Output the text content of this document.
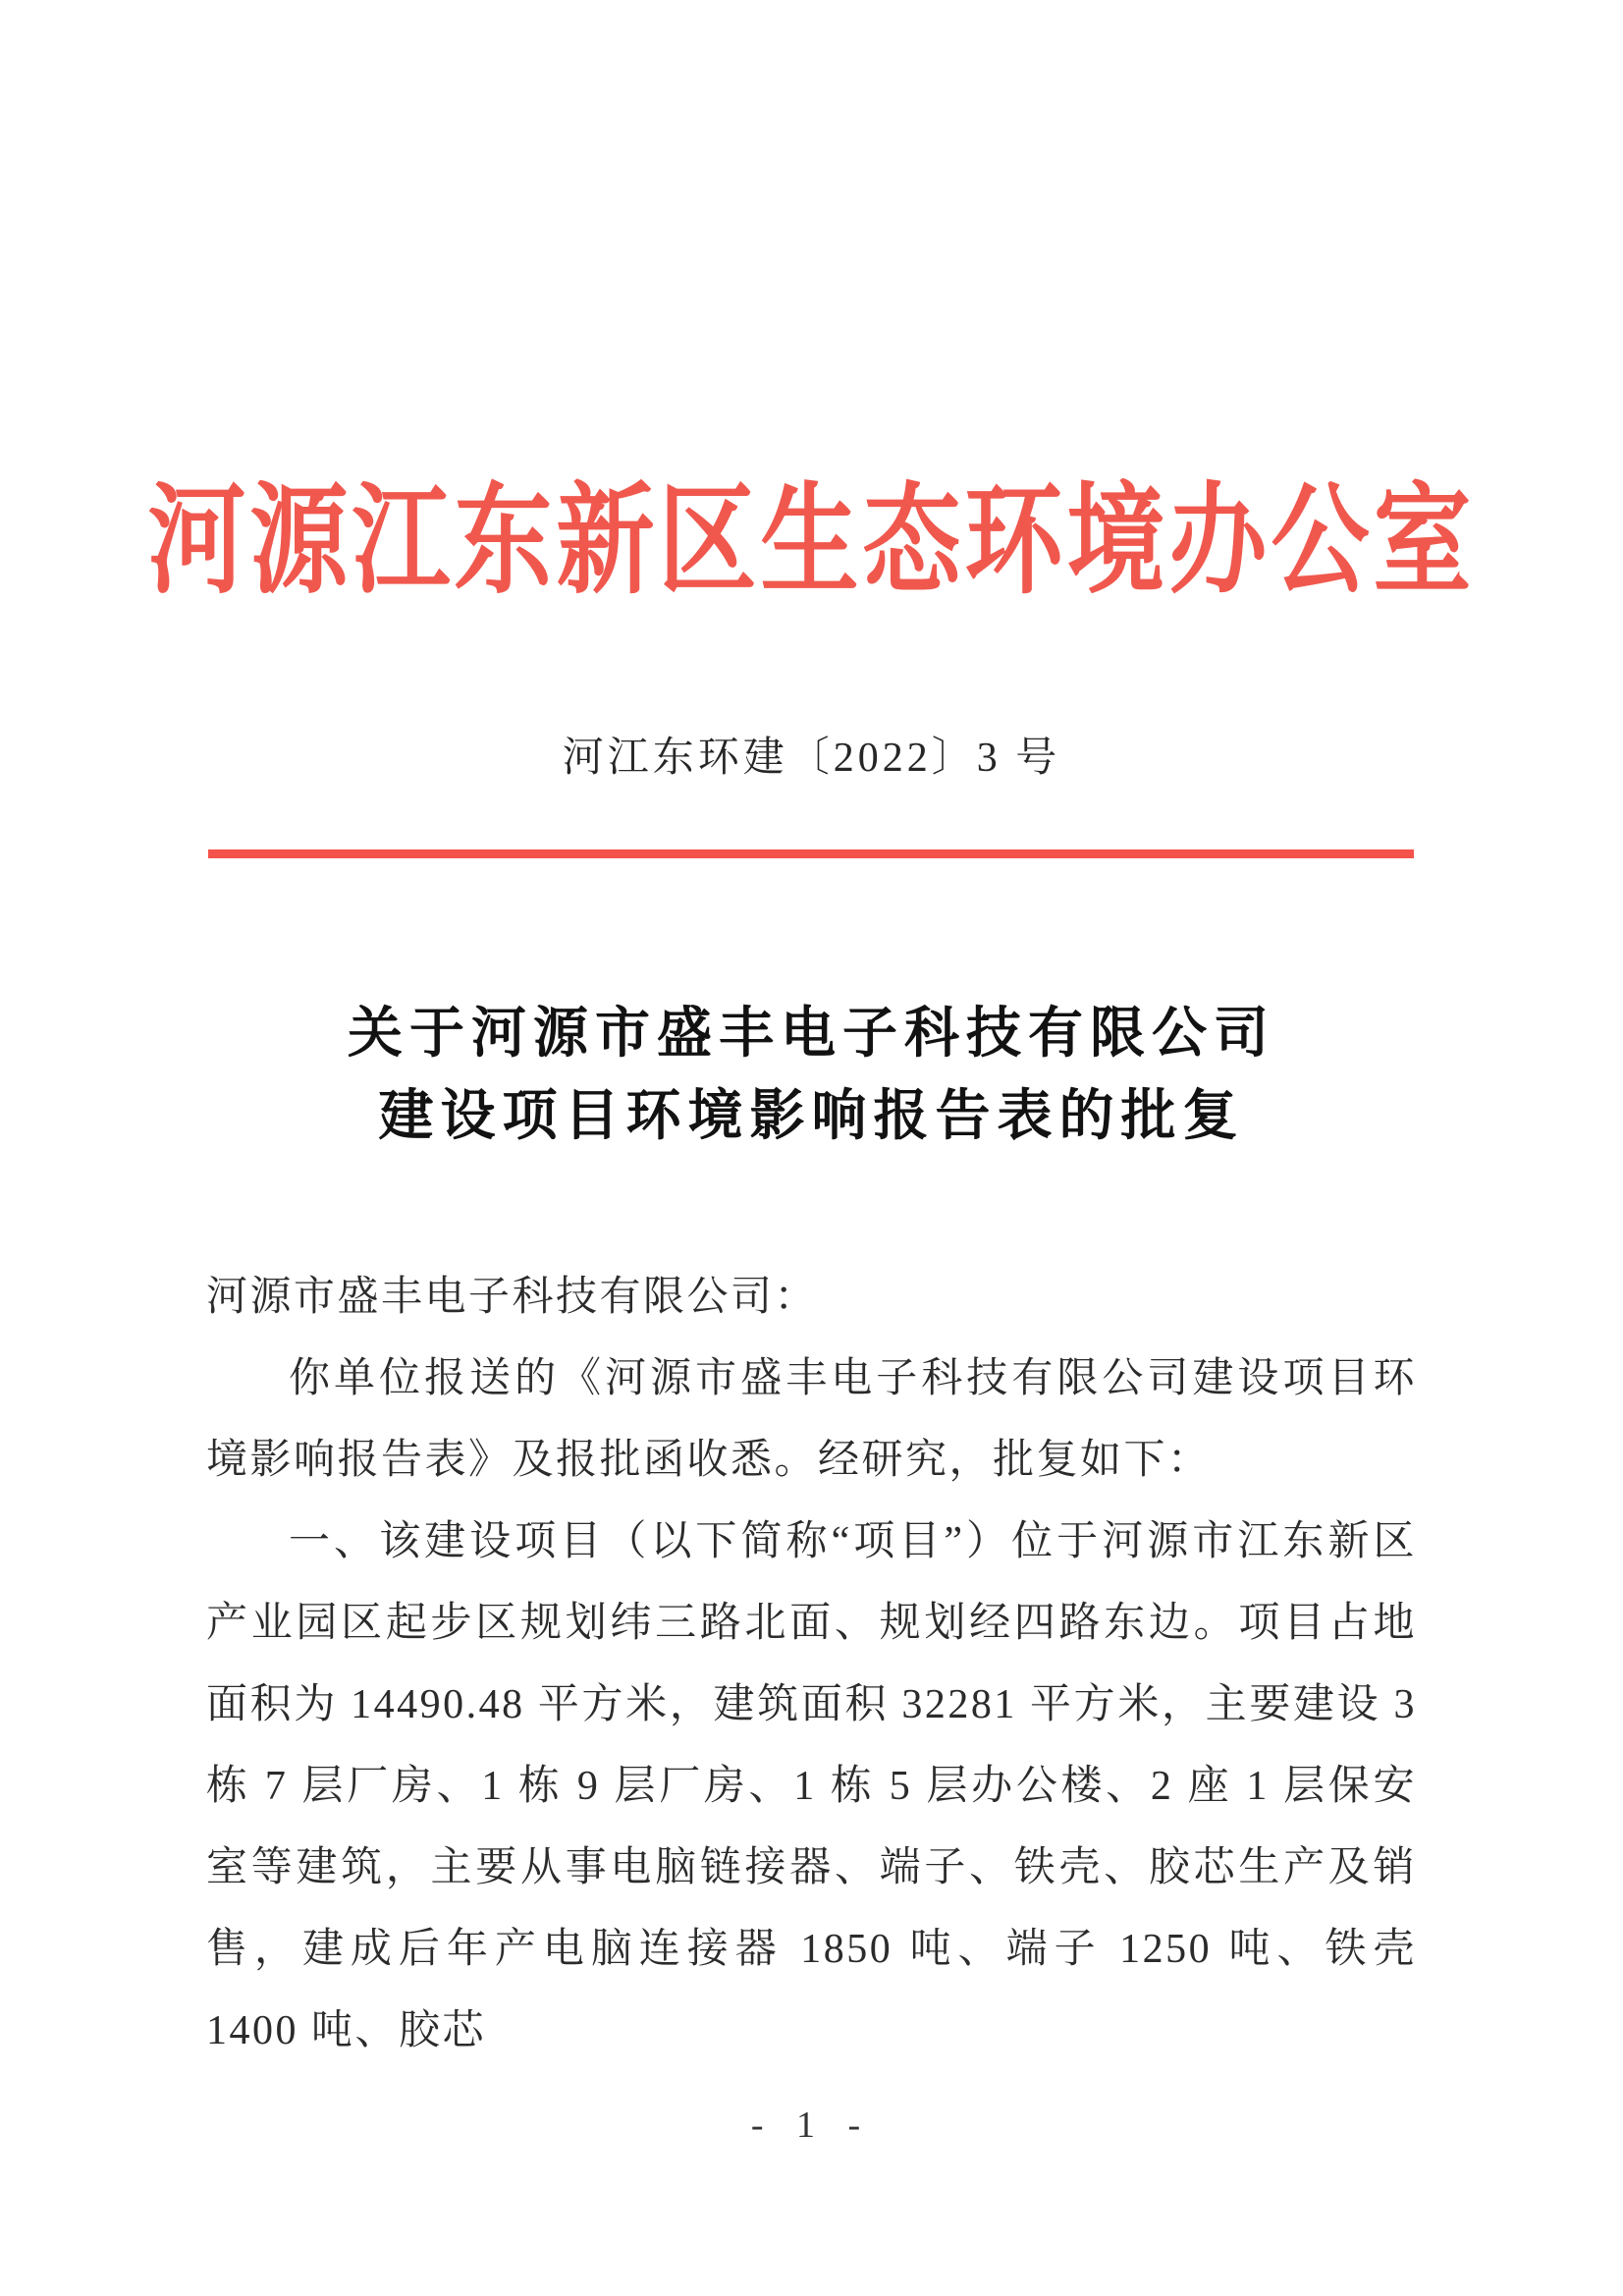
河源江东新区生态环境办公室
河江东环建〔2022〕3 号
关于河源市盛丰电子科技有限公司
建设项目环境影响报告表的批复

河源市盛丰电子科技有限公司：

你单位报送的《河源市盛丰电子科技有限公司建设项目环境影响报告表》及报批函收悉。经研究，批复如下：

一、该建设项目（以下简称“项目”）位于河源市江东新区产业园区起步区规划纬三路北面、规划经四路东边。项目占地面积为 14490.48 平方米，建筑面积 32281 平方米，主要建设 3 栋 7 层厂房、1 栋 9 层厂房、1 栋 5 层办公楼、2 座 1 层保安室等建筑，主要从事电脑链接器、端子、铁壳、胶芯生产及销售，建成后年产电脑连接器 1850 吨、端子 1250 吨、铁壳 1400 吨、胶芯

- 1 -
